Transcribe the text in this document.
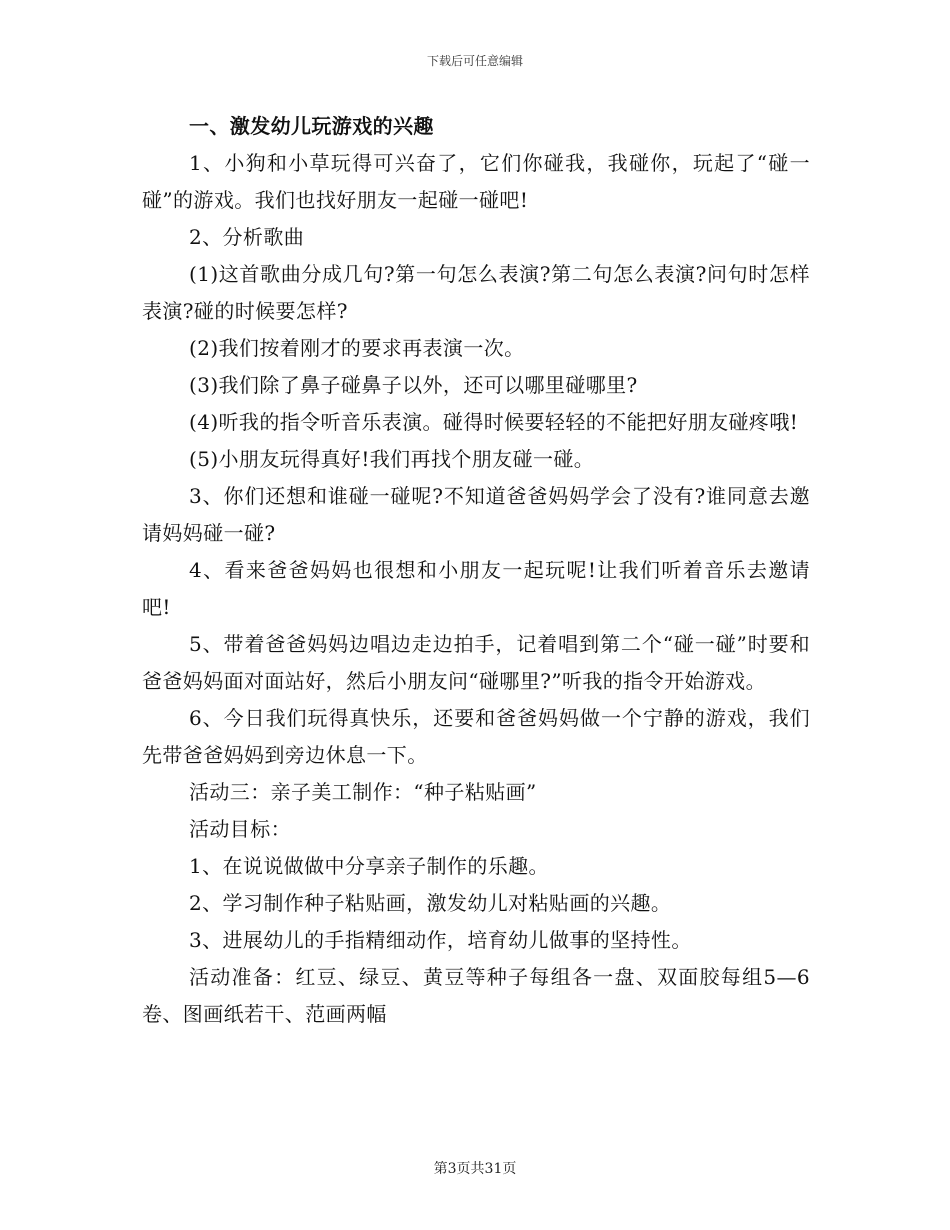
下载后可任意编辑

一、激发幼儿玩游戏的兴趣

1、小狗和小草玩得可兴奋了，它们你碰我，我碰你，玩起了“碰一碰”的游戏。我们也找好朋友一起碰一碰吧!

2、分析歌曲

(1)这首歌曲分成几句?第一句怎么表演?第二句怎么表演?问句时怎样表演?碰的时候要怎样?

(2)我们按着刚才的要求再表演一次。

(3)我们除了鼻子碰鼻子以外，还可以哪里碰哪里?

(4)听我的指令听音乐表演。碰得时候要轻轻的不能把好朋友碰疼哦!

(5)小朋友玩得真好!我们再找个朋友碰一碰。

3、你们还想和谁碰一碰呢?不知道爸爸妈妈学会了没有?谁同意去邀请妈妈碰一碰?

4、看来爸爸妈妈也很想和小朋友一起玩呢!让我们听着音乐去邀请吧!

5、带着爸爸妈妈边唱边走边拍手，记着唱到第二个“碰一碰”时要和爸爸妈妈面对面站好，然后小朋友问“碰哪里?”听我的指令开始游戏。

6、今日我们玩得真快乐，还要和爸爸妈妈做一个宁静的游戏，我们先带爸爸妈妈到旁边休息一下。

活动三：亲子美工制作：“种子粘贴画”

活动目标：

1、在说说做做中分享亲子制作的乐趣。

2、学习制作种子粘贴画，激发幼儿对粘贴画的兴趣。

3、进展幼儿的手指精细动作，培育幼儿做事的坚持性。

活动准备：红豆、绿豆、黄豆等种子每组各一盘、双面胶每组5—6卷、图画纸若干、范画两幅

第3页共31页
